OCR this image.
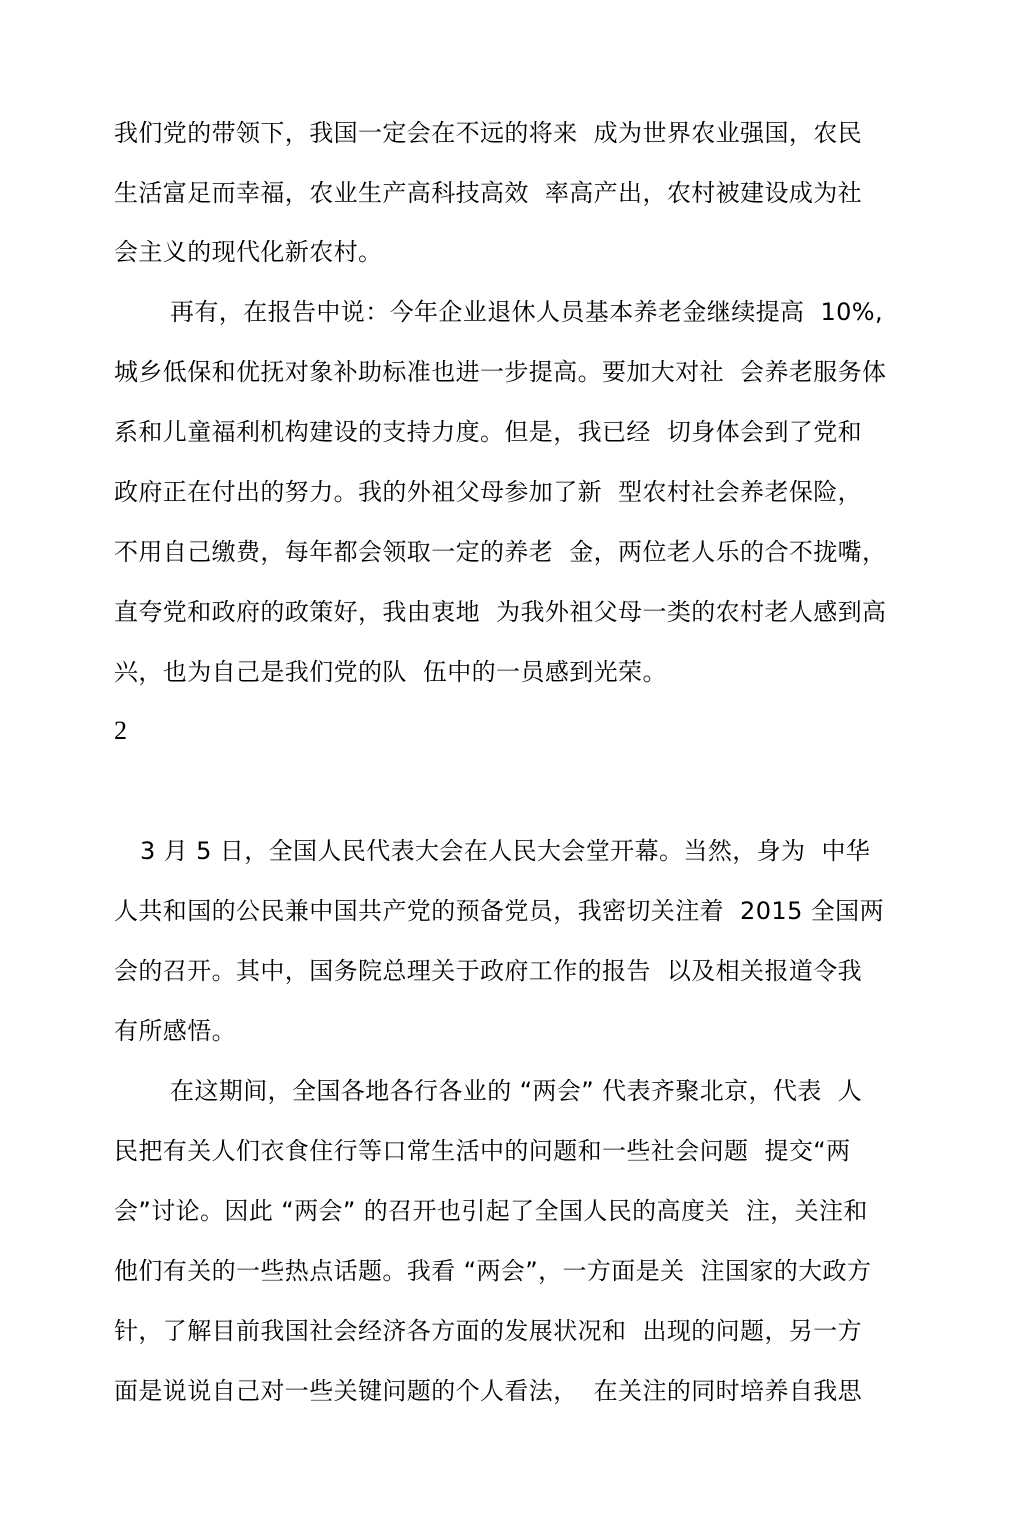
我们党的带领下，我国一定会在不远的将来  成为世界农业强国，农民
生活富足而幸福，农业生产高科技高效  率高产出，农村被建设成为社
会主义的现代化新农村。
再有，在报告中说：今年企业退休人员基本养老金继续提高  10%,
城乡低保和优抚对象补助标准也进一步提高。要加大对社  会养老服务体
系和儿童福利机构建设的支持力度。但是，我已经  切身体会到了党和
政府正在付出的努力。我的外祖父母参加了新  型农村社会养老保险，
不用自己缴费，每年都会领取一定的养老  金，两位老人乐的合不拢嘴，
直夸党和政府的政策好，我由衷地  为我外祖父母一类的农村老人感到高
兴，也为自己是我们党的队  伍中的一员感到光荣。
2
3 月 5 日，全国人民代表大会在人民大会堂开幕。当然，身为  中华
人共和国的公民兼中国共产党的预备党员，我密切关注着  2015 全国两
会的召开。其中，国务院总理关于政府工作的报告  以及相关报道令我
有所感悟。
在这期间，全国各地各行各业的 “两会” 代表齐聚北京，代表  人
民把有关人们衣食住行等口常生活中的问题和一些社会问题  提交“两
会”讨论。因此 “两会” 的召开也引起了全国人民的高度关  注，关注和
他们有关的一些热点话题。我看 “两会”，一方面是关  注国家的大政方
针，了解目前我国社会经济各方面的发展状况和  出现的问题，另一方
面是说说自己对一些关键问题的个人看法，  在关注的同时培养自我思
